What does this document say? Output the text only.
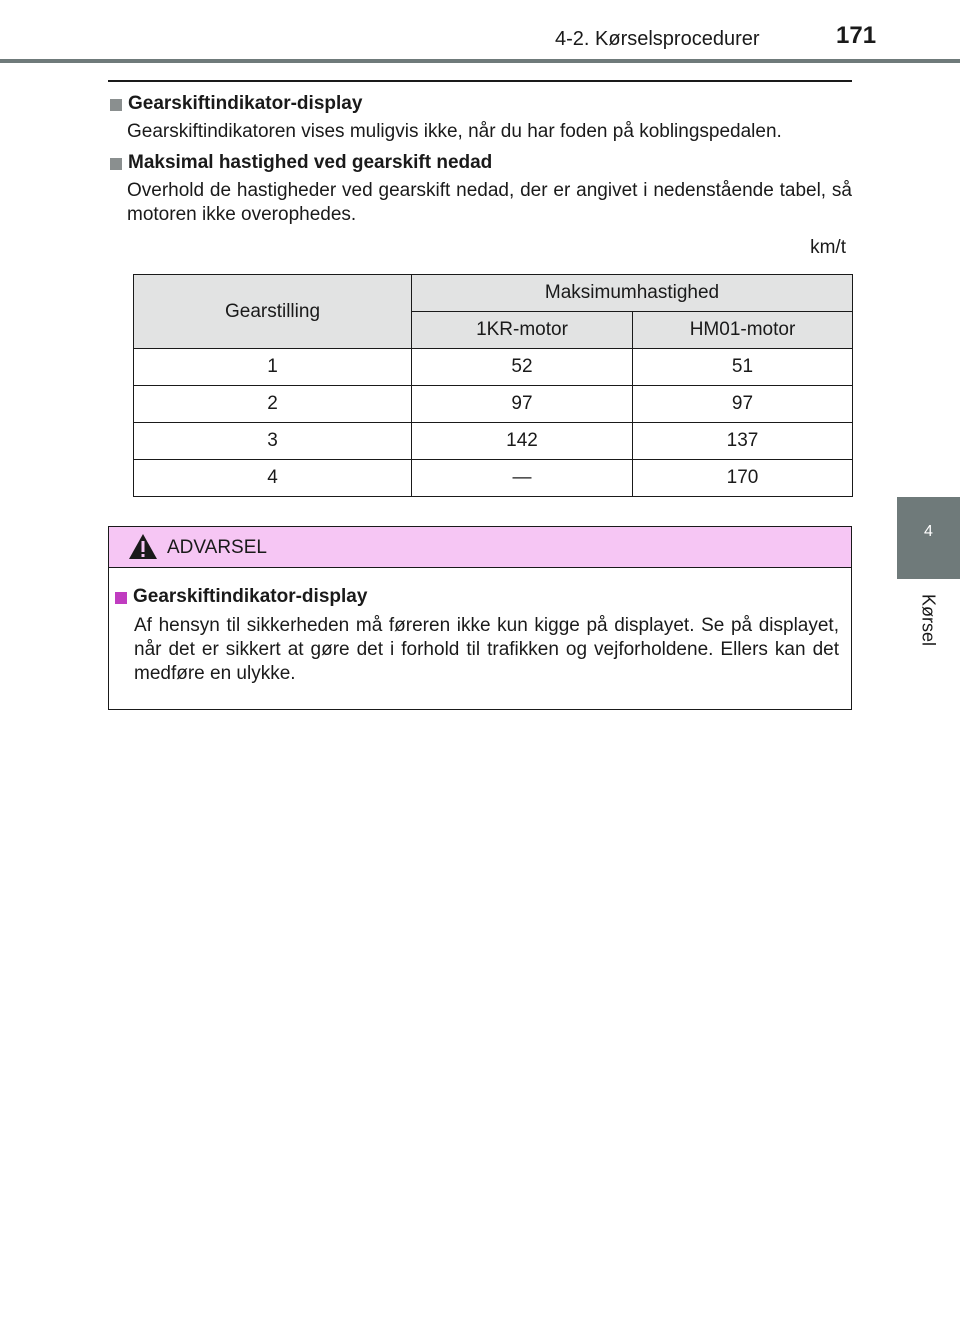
4-2. Kørselsprocedurer	171
4
Kørsel
Gearskiftindikator-display
Gearskiftindikatoren vises muligvis ikke, når du har foden på koblingspedalen.
Maksimal hastighed ved gearskift nedad
Overhold de hastigheder ved gearskift nedad, der er angivet i nedenstående tabel, så motoren ikke overophedes.
km/t
Gearstilling	Maksimumhastighed	
	1KR-motor	HM01-motor
1	52	51
2	97	97
3	142	137
4	—	170
ADVARSEL
Gearskiftindikator-display
Af hensyn til sikkerheden må føreren ikke kun kigge på displayet. Se på displayet, når det er sikkert at gøre det i forhold til trafikken og vejforholdene. Ellers kan det medføre en ulykke.
